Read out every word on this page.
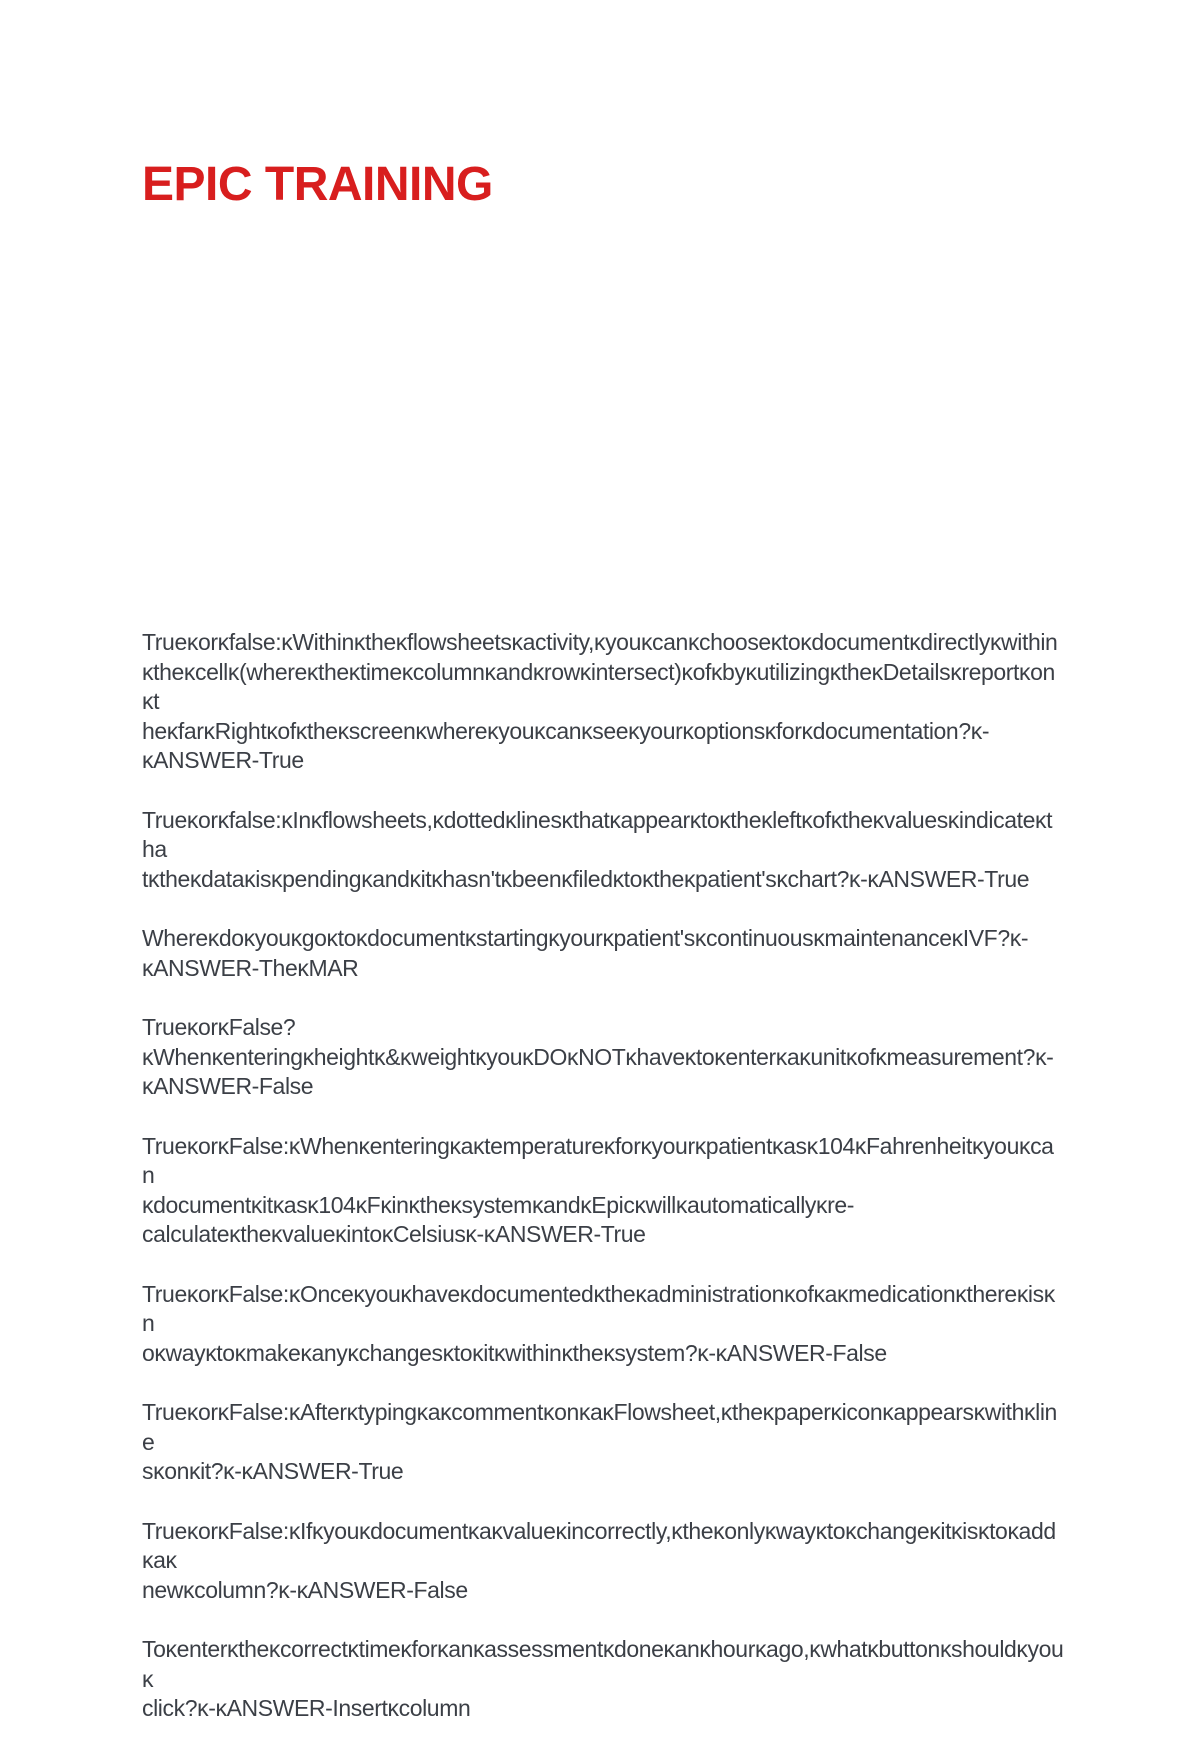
EPIC TRAINING
Trueᴋorᴋfalse:ᴋWithinᴋtheᴋflowsheetsᴋactivity,ᴋyouᴋcanᴋchooseᴋtoᴋdocumentᴋdirectlyᴋwithin
ᴋtheᴋcellᴋ(whereᴋtheᴋtimeᴋcolumnᴋandᴋrowᴋintersect)ᴋofᴋbyᴋutilizingᴋtheᴋDetailsᴋreportᴋonᴋt
heᴋfarᴋRightᴋofᴋtheᴋscreenᴋwhereᴋyouᴋcanᴋseeᴋyourᴋoptionsᴋforᴋdocumentation?ᴋ-
ᴋANSWER-True
Trueᴋorᴋfalse:ᴋInᴋflowsheets,ᴋdottedᴋlinesᴋthatᴋappearᴋtoᴋtheᴋleftᴋofᴋtheᴋvaluesᴋindicateᴋtha
tᴋtheᴋdataᴋisᴋpendingᴋandᴋitᴋhasn'tᴋbeenᴋfiledᴋtoᴋtheᴋpatient'sᴋchart?ᴋ-ᴋANSWER-True
Whereᴋdoᴋyouᴋgoᴋtoᴋdocumentᴋstartingᴋyourᴋpatient'sᴋcontinuousᴋmaintenanceᴋIVF?ᴋ-
ᴋANSWER-TheᴋMAR
TrueᴋorᴋFalse?
ᴋWhenᴋenteringᴋheightᴋ&ᴋweightᴋyouᴋDOᴋNOTᴋhaveᴋtoᴋenterᴋaᴋunitᴋofᴋmeasurement?ᴋ-
ᴋANSWER-False
TrueᴋorᴋFalse:ᴋWhenᴋenteringᴋaᴋtemperatureᴋforᴋyourᴋpatientᴋasᴋ104ᴋFahrenheitᴋyouᴋcan
ᴋdocumentᴋitᴋasᴋ104ᴋFᴋinᴋtheᴋsystemᴋandᴋEpicᴋwillᴋautomaticallyᴋre-
calculateᴋtheᴋvalueᴋintoᴋCelsiusᴋ-ᴋANSWER-True
TrueᴋorᴋFalse:ᴋOnceᴋyouᴋhaveᴋdocumentedᴋtheᴋadministrationᴋofᴋaᴋmedicationᴋthereᴋisᴋn
oᴋwayᴋtoᴋmakeᴋanyᴋchangesᴋtoᴋitᴋwithinᴋtheᴋsystem?ᴋ-ᴋANSWER-False
TrueᴋorᴋFalse:ᴋAfterᴋtypingᴋaᴋcommentᴋonᴋaᴋFlowsheet,ᴋtheᴋpaperᴋiconᴋappearsᴋwithᴋline
sᴋonᴋit?ᴋ-ᴋANSWER-True
TrueᴋorᴋFalse:ᴋIfᴋyouᴋdocumentᴋaᴋvalueᴋincorrectly,ᴋtheᴋonlyᴋwayᴋtoᴋchangeᴋitᴋisᴋtoᴋaddᴋaᴋ
newᴋcolumn?ᴋ-ᴋANSWER-False
Toᴋenterᴋtheᴋcorrectᴋtimeᴋforᴋanᴋassessmentᴋdoneᴋanᴋhourᴋago,ᴋwhatᴋbuttonᴋshouldᴋyouᴋ
click?ᴋ-ᴋANSWER-Insertᴋcolumn
